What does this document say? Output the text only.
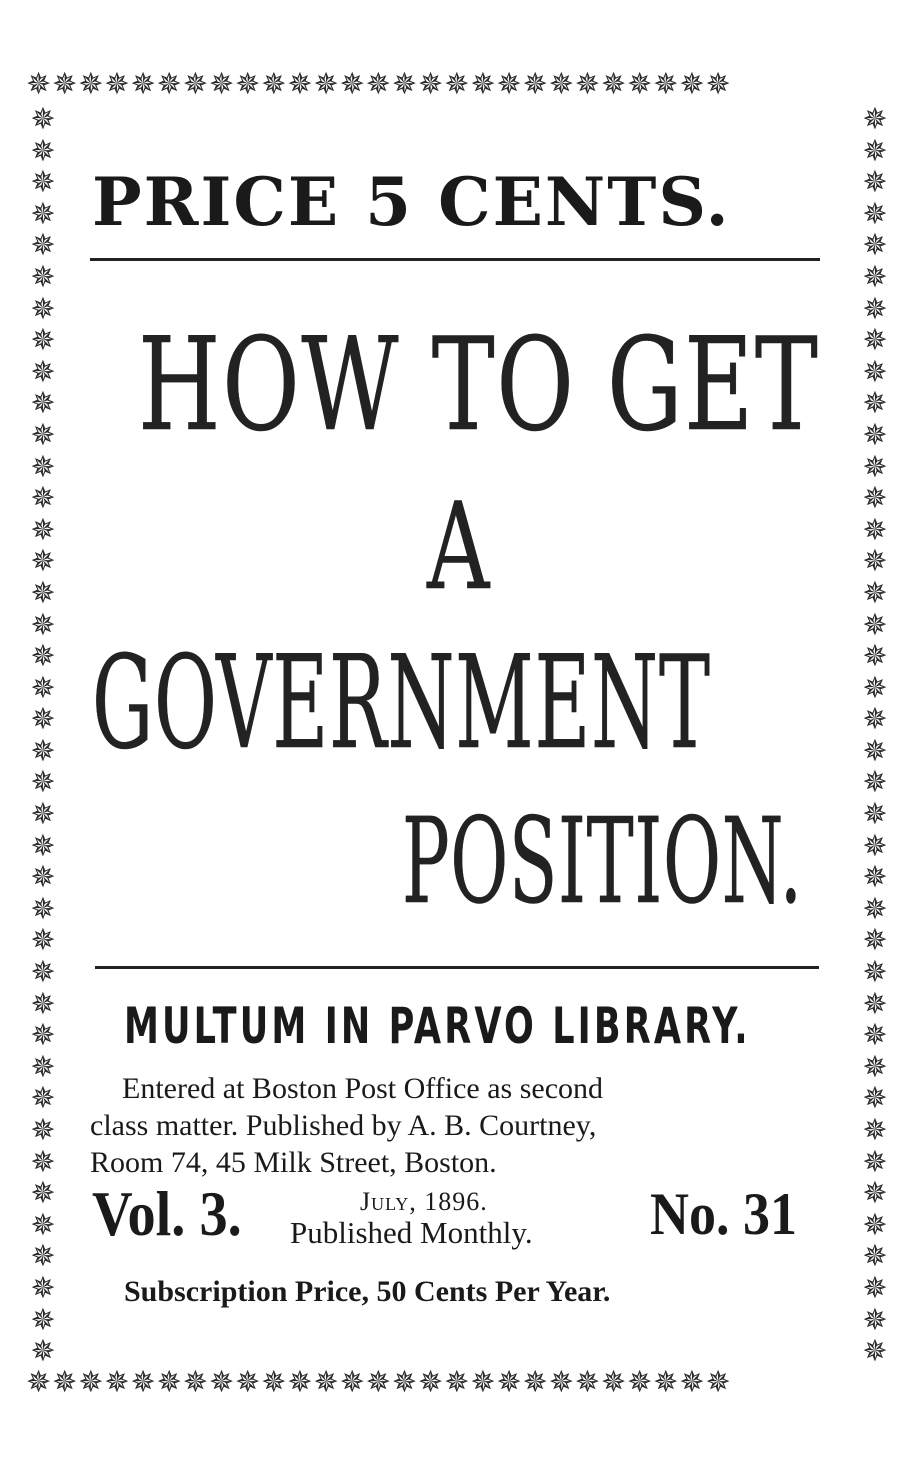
✵✵✵✵✵✵✵✵✵✵✵✵✵✵✵✵✵✵✵✵✵✵✵✵✵✵✵
✵✵✵✵✵✵✵✵✵✵✵✵✵✵✵✵✵✵✵✵✵✵✵✵✵✵✵✵✵✵✵✵✵✵✵✵✵✵✵✵
✵✵✵✵✵✵✵✵✵✵✵✵✵✵✵✵✵✵✵✵✵✵✵✵✵✵✵✵✵✵✵✵✵✵✵✵✵✵✵✵
✵✵✵✵✵✵✵✵✵✵✵✵✵✵✵✵✵✵✵✵✵✵✵✵✵✵✵
PRICE 5 CENTS.
HOW TO GET
A
GOVERNMENT
POSITION.
MULTUM IN PARVO LIBRARY.
Entered at Boston Post Office as second
class matter. Published by A. B. Courtney,
Room 74, 45 Milk Street, Boston.
Vol. 3.	July, 1896.
Published Monthly. No. 31
Subscription Price, 50 Cents Per Year.
